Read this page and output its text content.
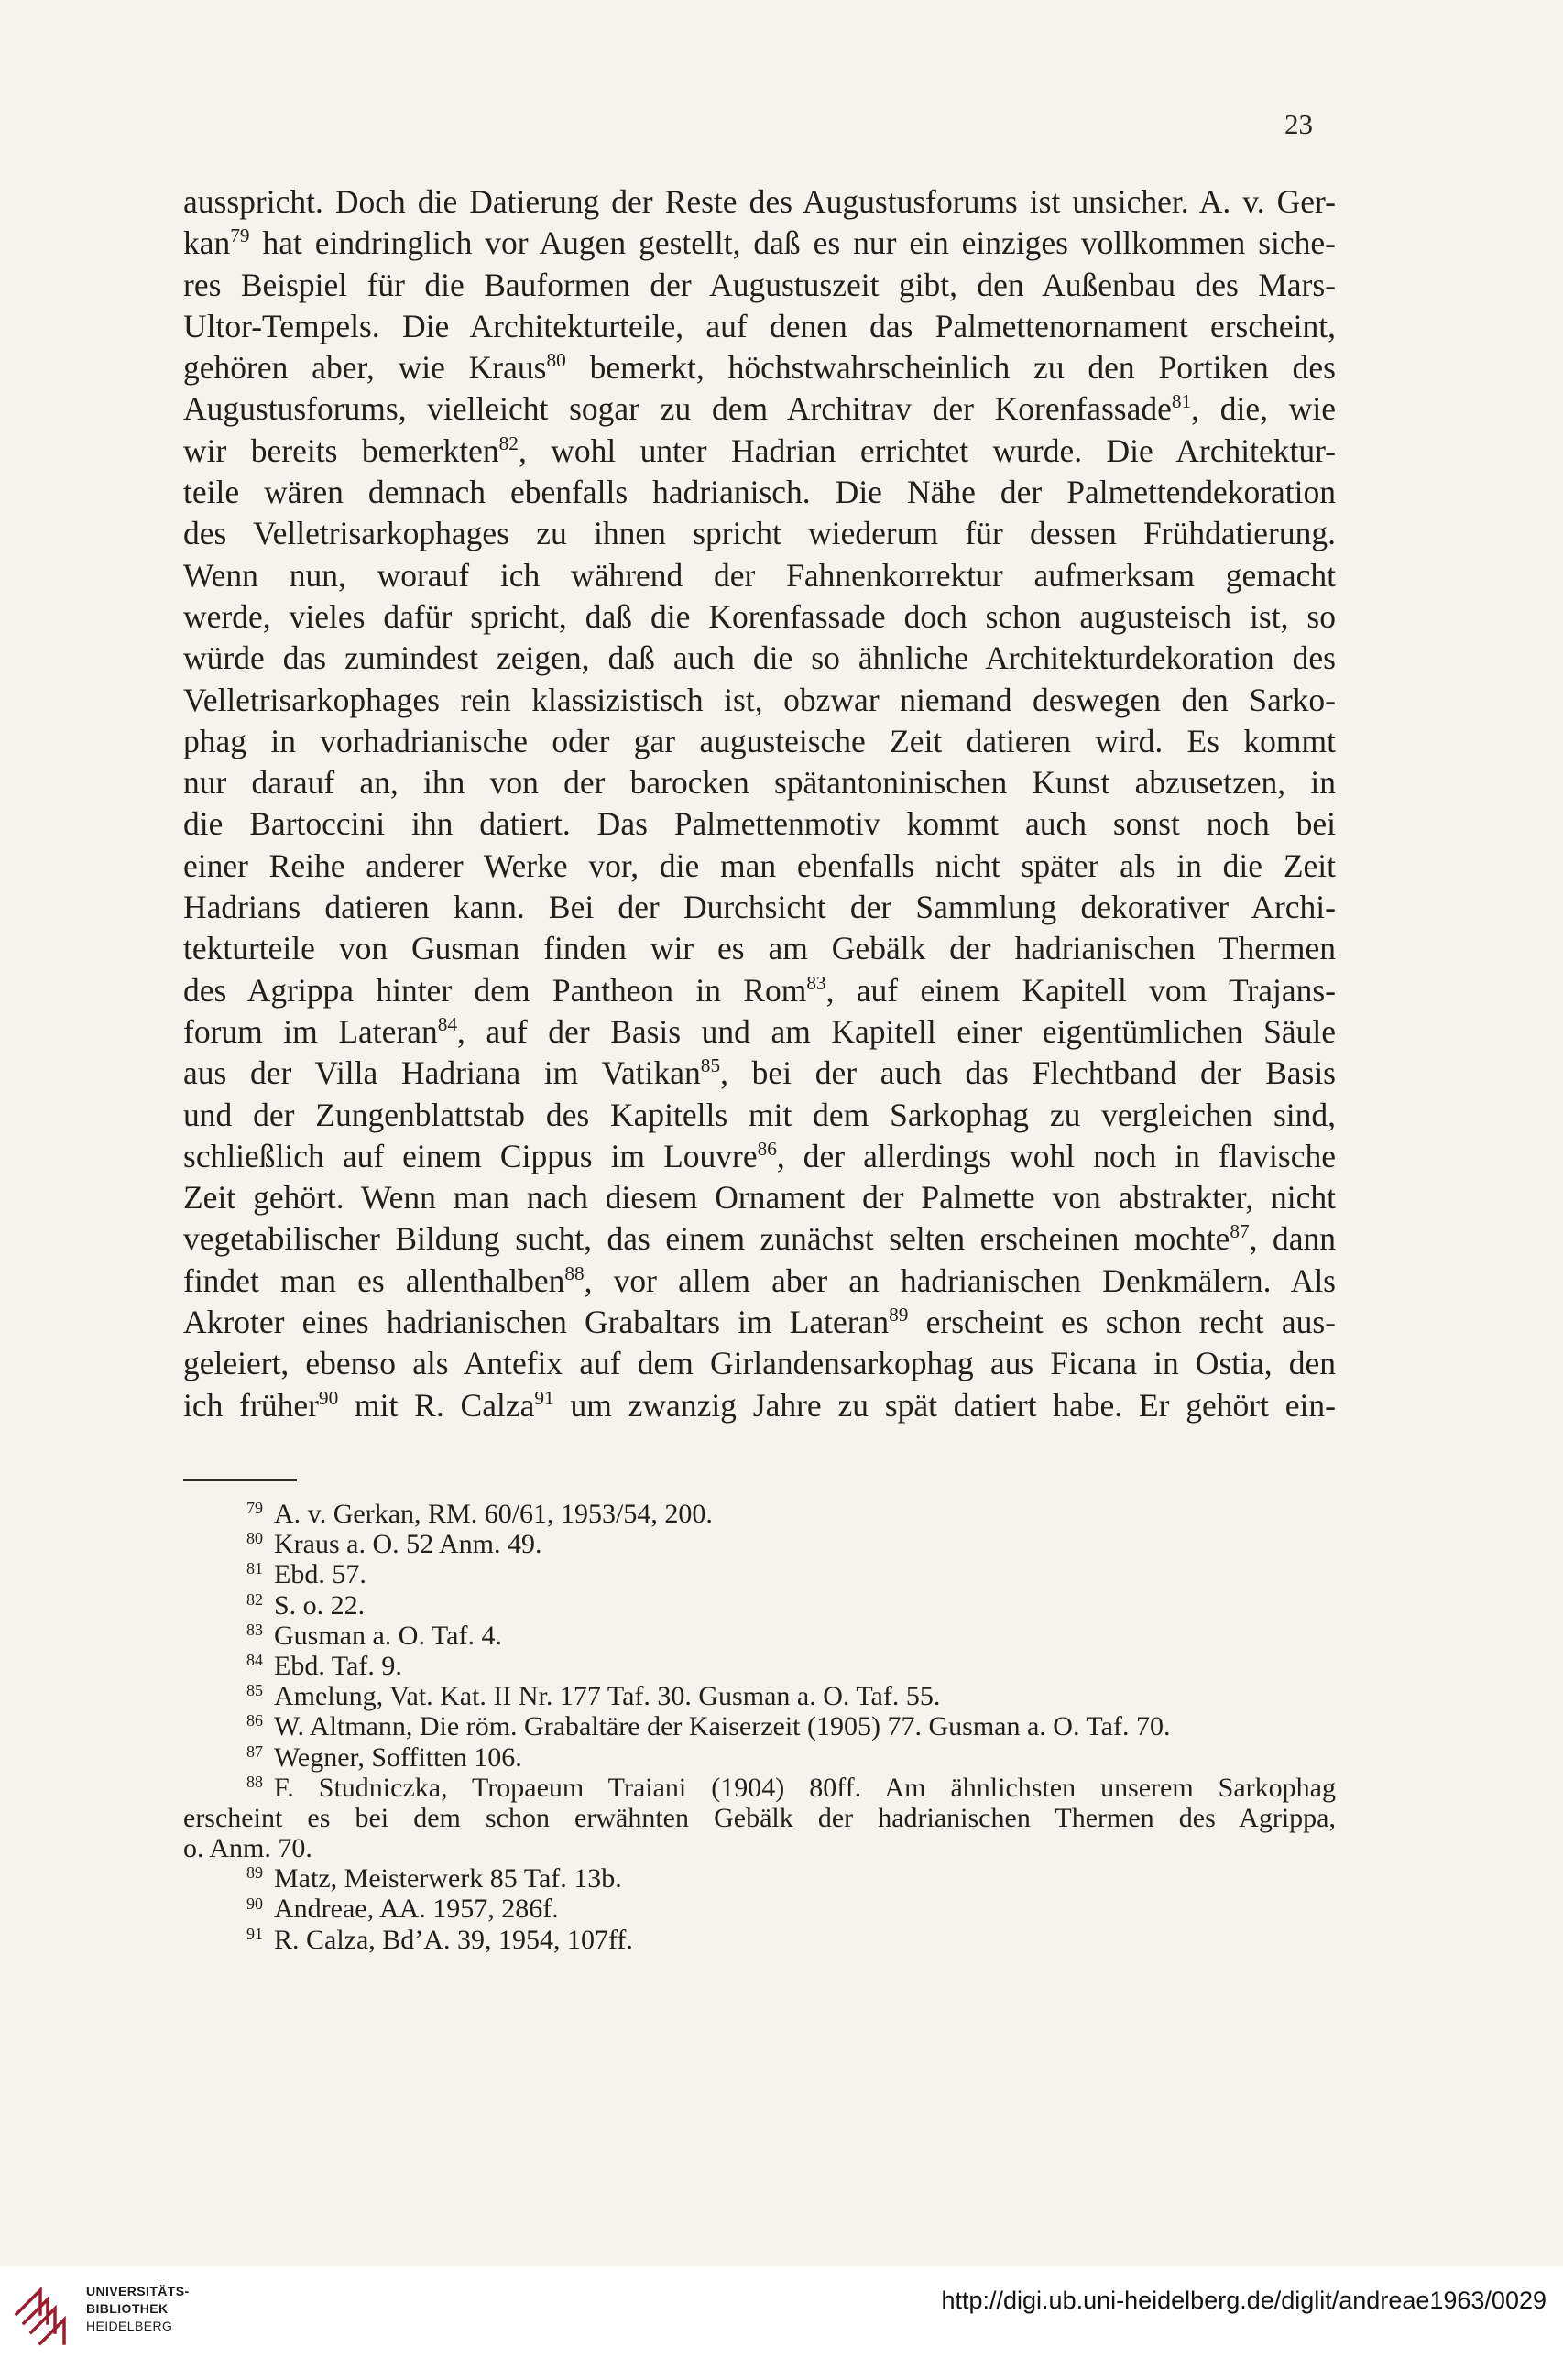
23
ausspricht. Doch die Datierung der Reste des Augustusforums ist unsicher. A. v. Ger-
kan$^{79}$ hat eindringlich vor Augen gestellt, daß es nur ein einziges vollkommen siche-
res Beispiel für die Bauformen der Augustuszeit gibt, den Außenbau des Mars-
Ultor-Tempels. Die Architekturteile, auf denen das Palmettenornament erscheint,
gehören aber, wie Kraus$^{80}$ bemerkt, höchstwahrscheinlich zu den Portiken des
Augustusforums, vielleicht sogar zu dem Architrav der Korenfassade$^{81}$, die, wie
wir bereits bemerkten$^{82}$, wohl unter Hadrian errichtet wurde. Die Architektur-
teile wären demnach ebenfalls hadrianisch. Die Nähe der Palmettendekoration
des Velletrisarkophages zu ihnen spricht wiederum für dessen Frühdatierung.
Wenn nun, worauf ich während der Fahnenkorrektur aufmerksam gemacht
werde, vieles dafür spricht, daß die Korenfassade doch schon augusteisch ist, so
würde das zumindest zeigen, daß auch die so ähnliche Architekturdekoration des
Velletrisarkophages rein klassizistisch ist, obzwar niemand deswegen den Sarko-
phag in vorhadrianische oder gar augusteische Zeit datieren wird. Es kommt
nur darauf an, ihn von der barocken spätantoninischen Kunst abzusetzen, in
die Bartoccini ihn datiert. Das Palmettenmotiv kommt auch sonst noch bei
einer Reihe anderer Werke vor, die man ebenfalls nicht später als in die Zeit
Hadrians datieren kann. Bei der Durchsicht der Sammlung dekorativer Archi-
tekturteile von Gusman finden wir es am Gebälk der hadrianischen Thermen
des Agrippa hinter dem Pantheon in Rom$^{83}$, auf einem Kapitell vom Trajans-
forum im Lateran$^{84}$, auf der Basis und am Kapitell einer eigentümlichen Säule
aus der Villa Hadriana im Vatikan$^{85}$, bei der auch das Flechtband der Basis
und der Zungenblattstab des Kapitells mit dem Sarkophag zu vergleichen sind,
schließlich auf einem Cippus im Louvre$^{86}$, der allerdings wohl noch in flavische
Zeit gehört. Wenn man nach diesem Ornament der Palmette von abstrakter, nicht
vegetabilischer Bildung sucht, das einem zunächst selten erscheinen mochte$^{87}$, dann
findet man es allenthalben$^{88}$, vor allem aber an hadrianischen Denkmälern. Als
Akroter eines hadrianischen Grabaltars im Lateran$^{89}$ erscheint es schon recht aus-
geleiert, ebenso als Antefix auf dem Girlandensarkophag aus Ficana in Ostia, den
ich früher$^{90}$ mit R. Calza$^{91}$ um zwanzig Jahre zu spät datiert habe. Er gehört ein-
$^{79}$ A. v. Gerkan, RM. 60/61, 1953/54, 200.
$^{80}$ Kraus a. O. 52 Anm. 49.
$^{81}$ Ebd. 57.
$^{82}$ S. o. 22.
$^{83}$ Gusman a. O. Taf. 4.
$^{84}$ Ebd. Taf. 9.
$^{85}$ Amelung, Vat. Kat. II Nr. 177 Taf. 30. Gusman a. O. Taf. 55.
$^{86}$ W. Altmann, Die röm. Grabaltäre der Kaiserzeit (1905) 77. Gusman a. O. Taf. 70.
$^{87}$ Wegner, Soffitten 106.
$^{88}$ F. Studniczka, Tropaeum Traiani (1904) 80ff. Am ähnlichsten unserem Sarkophag
erscheint es bei dem schon erwähnten Gebälk der hadrianischen Thermen des Agrippa,
o. Anm. 70.
$^{89}$ Matz, Meisterwerk 85 Taf. 13b.
$^{90}$ Andreae, AA. 1957, 286f.
$^{91}$ R. Calza, Bd’A. 39, 1954, 107ff.
UNIVERSITÄTS-
BIBLIOTHEK
HEIDELBERG
http://digi.ub.uni-heidelberg.de/diglit/andreae1963/0029
